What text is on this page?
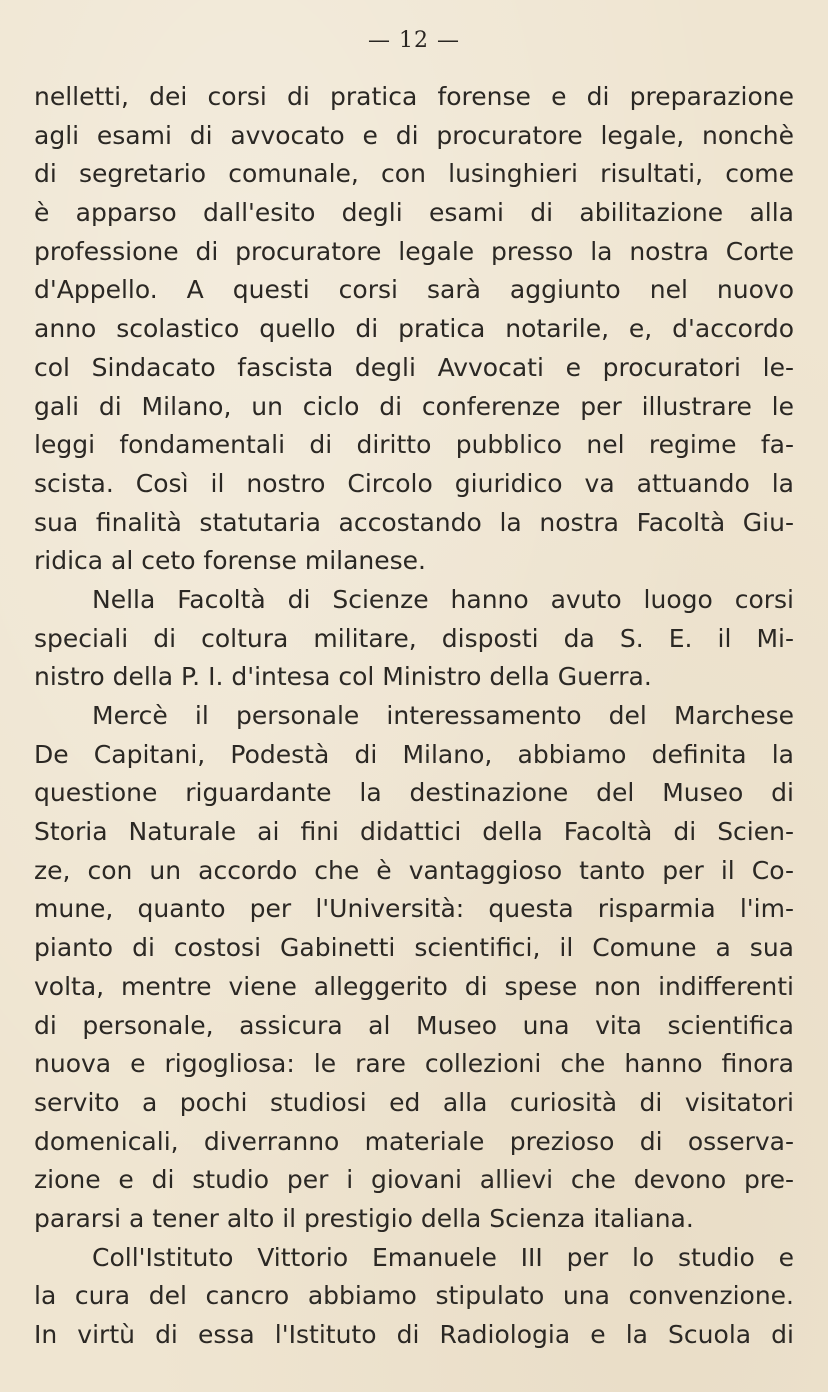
— 12 —
nelletti, dei corsi di pratica forense e di preparazione
agli esami di avvocato e di procuratore legale, nonchè
di segretario comunale, con lusinghieri risultati, come
è apparso dall'esito degli esami di abilitazione alla
professione di procuratore legale presso la nostra Corte
d'Appello. A questi corsi sarà aggiunto nel nuovo
anno scolastico quello di pratica notarile, e, d'accordo
col Sindacato fascista degli Avvocati e procuratori le-
gali di Milano, un ciclo di conferenze per illustrare le
leggi fondamentali di diritto pubblico nel regime fa-
scista. Così il nostro Circolo giuridico va attuando la
sua finalità statutaria accostando la nostra Facoltà Giu-
ridica al ceto forense milanese.
Nella Facoltà di Scienze hanno avuto luogo corsi
speciali di coltura militare, disposti da S. E. il Mi-
nistro della P. I. d'intesa col Ministro della Guerra.
Mercè il personale interessamento del Marchese
De Capitani, Podestà di Milano, abbiamo definita la
questione riguardante la destinazione del Museo di
Storia Naturale ai fini didattici della Facoltà di Scien-
ze, con un accordo che è vantaggioso tanto per il Co-
mune, quanto per l'Università: questa risparmia l'im-
pianto di costosi Gabinetti scientifici, il Comune a sua
volta, mentre viene alleggerito di spese non indifferenti
di personale, assicura al Museo una vita scientifica
nuova e rigogliosa: le rare collezioni che hanno finora
servito a pochi studiosi ed alla curiosità di visitatori
domenicali, diverranno materiale prezioso di osserva-
zione e di studio per i giovani allievi che devono pre-
pararsi a tener alto il prestigio della Scienza italiana.
Coll'Istituto Vittorio Emanuele III per lo studio e
la cura del cancro abbiamo stipulato una convenzione.
In virtù di essa l'Istituto di Radiologia e la Scuola di
